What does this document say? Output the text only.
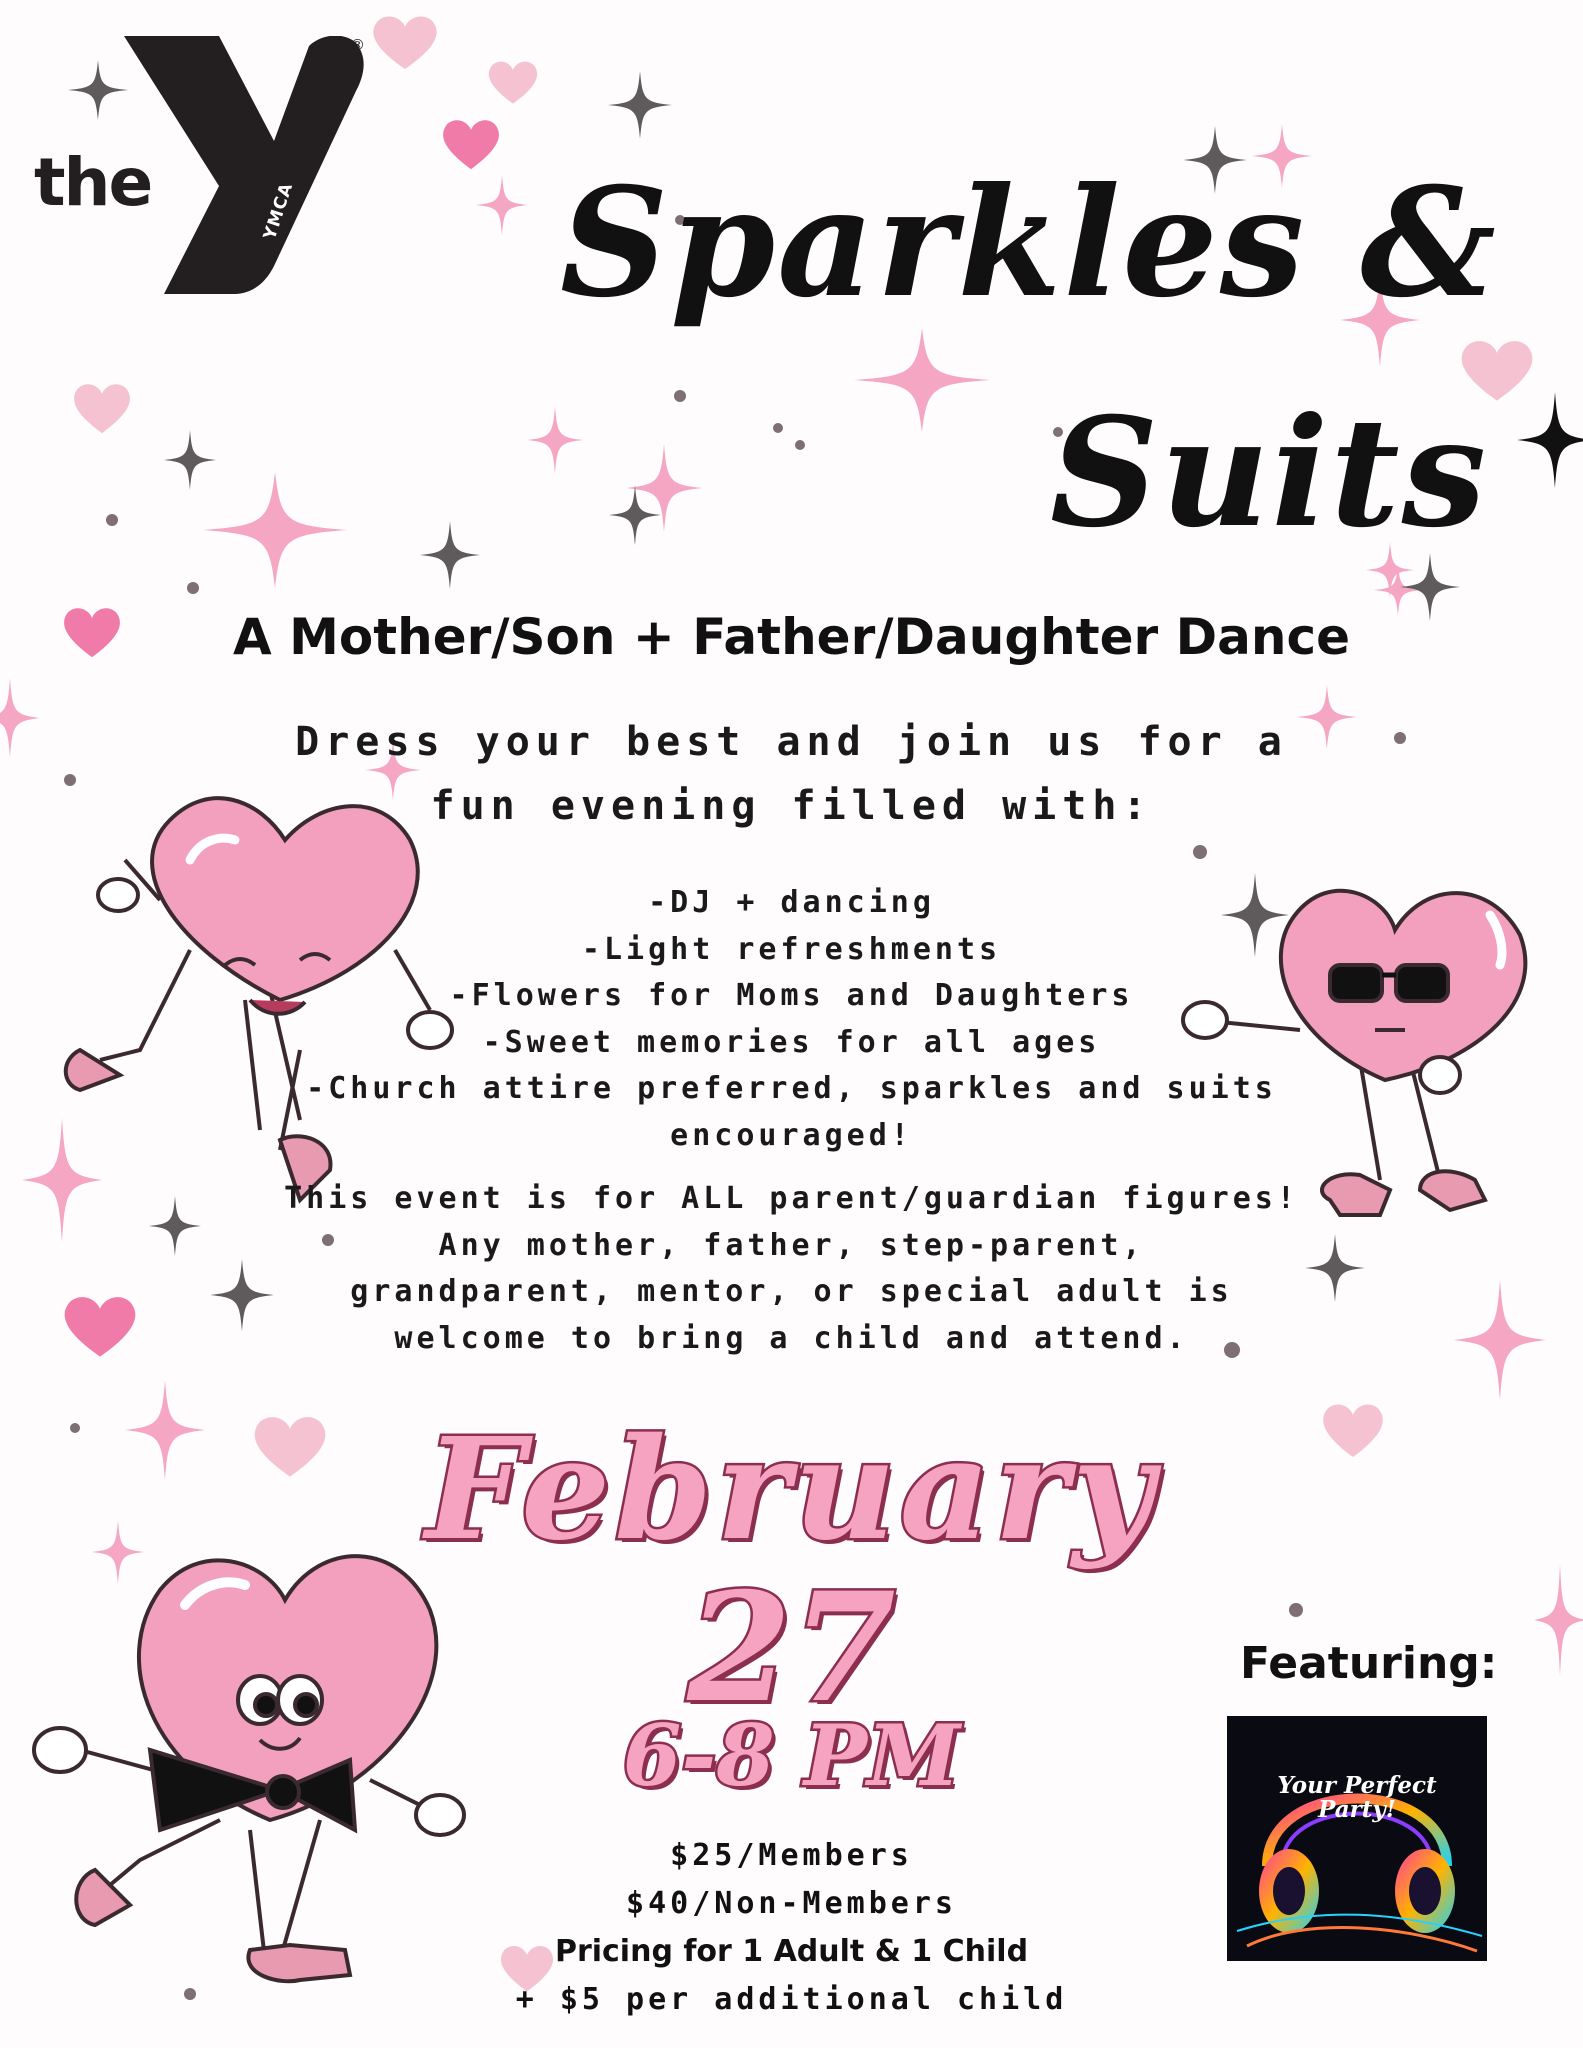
the	YMCA
®
Sparkles &
Suits
A Mother/Son + Father/Daughter Dance
Dress your best and join us for a
fun evening filled with:
-DJ + dancing
-Light refreshments
-Flowers for Moms and Daughters
-Sweet memories for all ages
-Church attire preferred, sparkles and suits
encouraged!
This event is for ALL parent/guardian figures!
Any mother, father, step-parent,
grandparent, mentor, or special adult is
welcome to bring a child and attend.
February
27
6-8 PM
$25/Members
$40/Non-Members
Pricing for 1 Adult & 1 Child
+ $5 per additional child
Featuring:
Your Perfect
Party!
